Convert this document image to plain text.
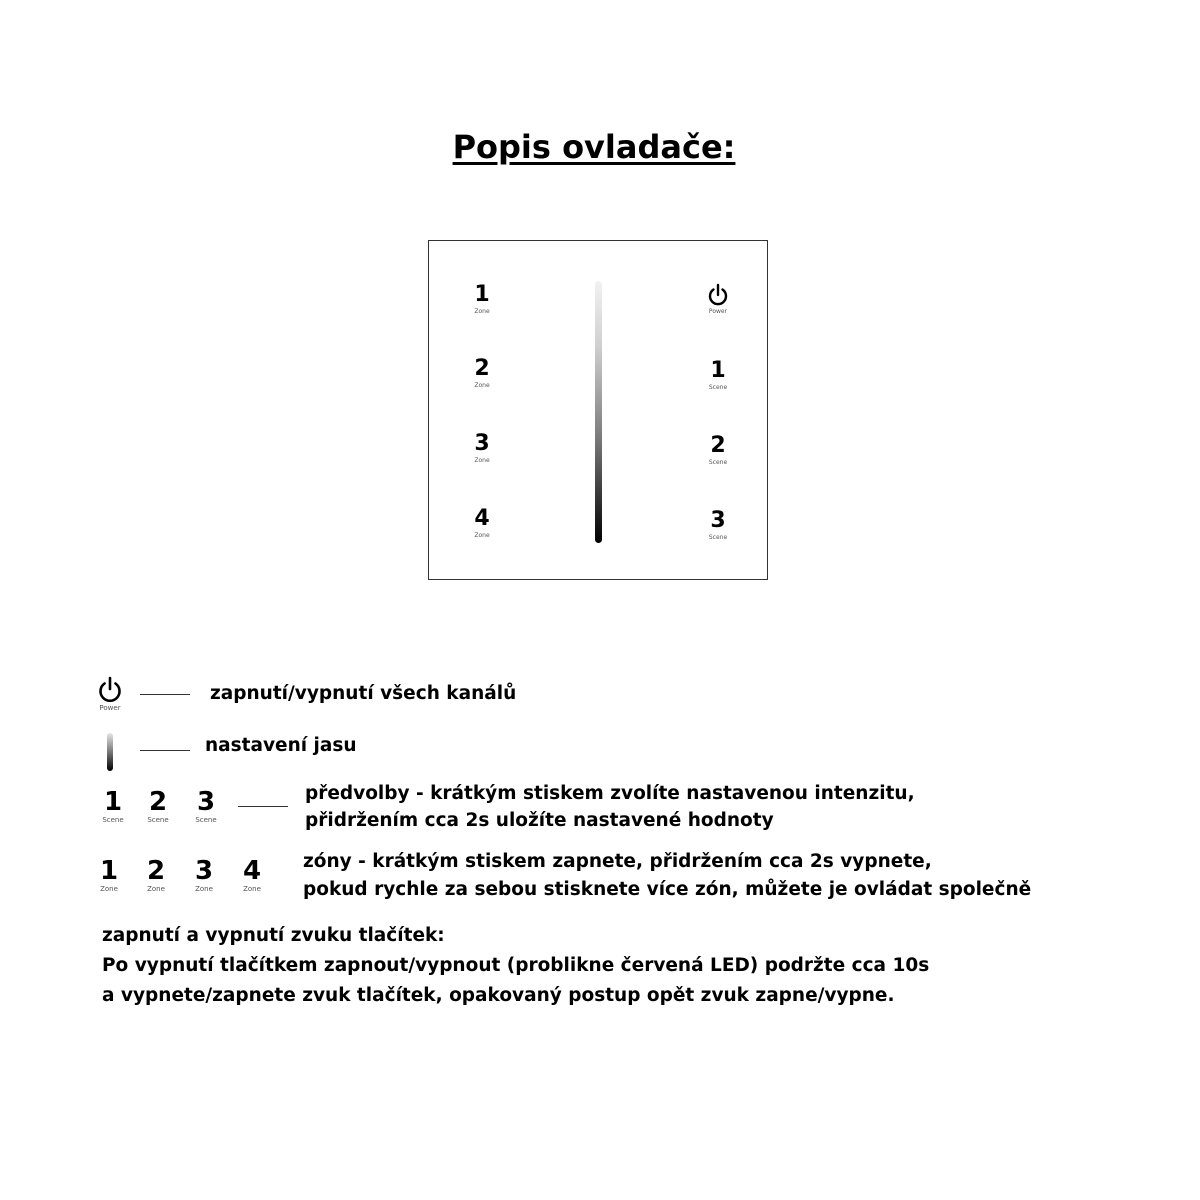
Popis ovladače:
1
Zone
2
Zone
3
Zone
4
Zone
Power
1
Scene
2
Scene
3
Scene
Power
zapnutí/vypnutí všech kanálů
nastavení jasu
1
Scene
2
Scene
3
Scene
předvolby - krátkým stiskem zvolíte nastavenou intenzitu,
přidržením cca 2s uložíte nastavené hodnoty
1
Zone
2
Zone
3
Zone
4
Zone
zóny - krátkým stiskem zapnete, přidržením cca 2s vypnete,
pokud rychle za sebou stisknete více zón, můžete je ovládat společně
zapnutí a vypnutí zvuku tlačítek:
Po vypnutí tlačítkem zapnout/vypnout (problikne červená LED) podržte cca 10s
a vypnete/zapnete zvuk tlačítek, opakovaný postup opět zvuk zapne/vypne.
